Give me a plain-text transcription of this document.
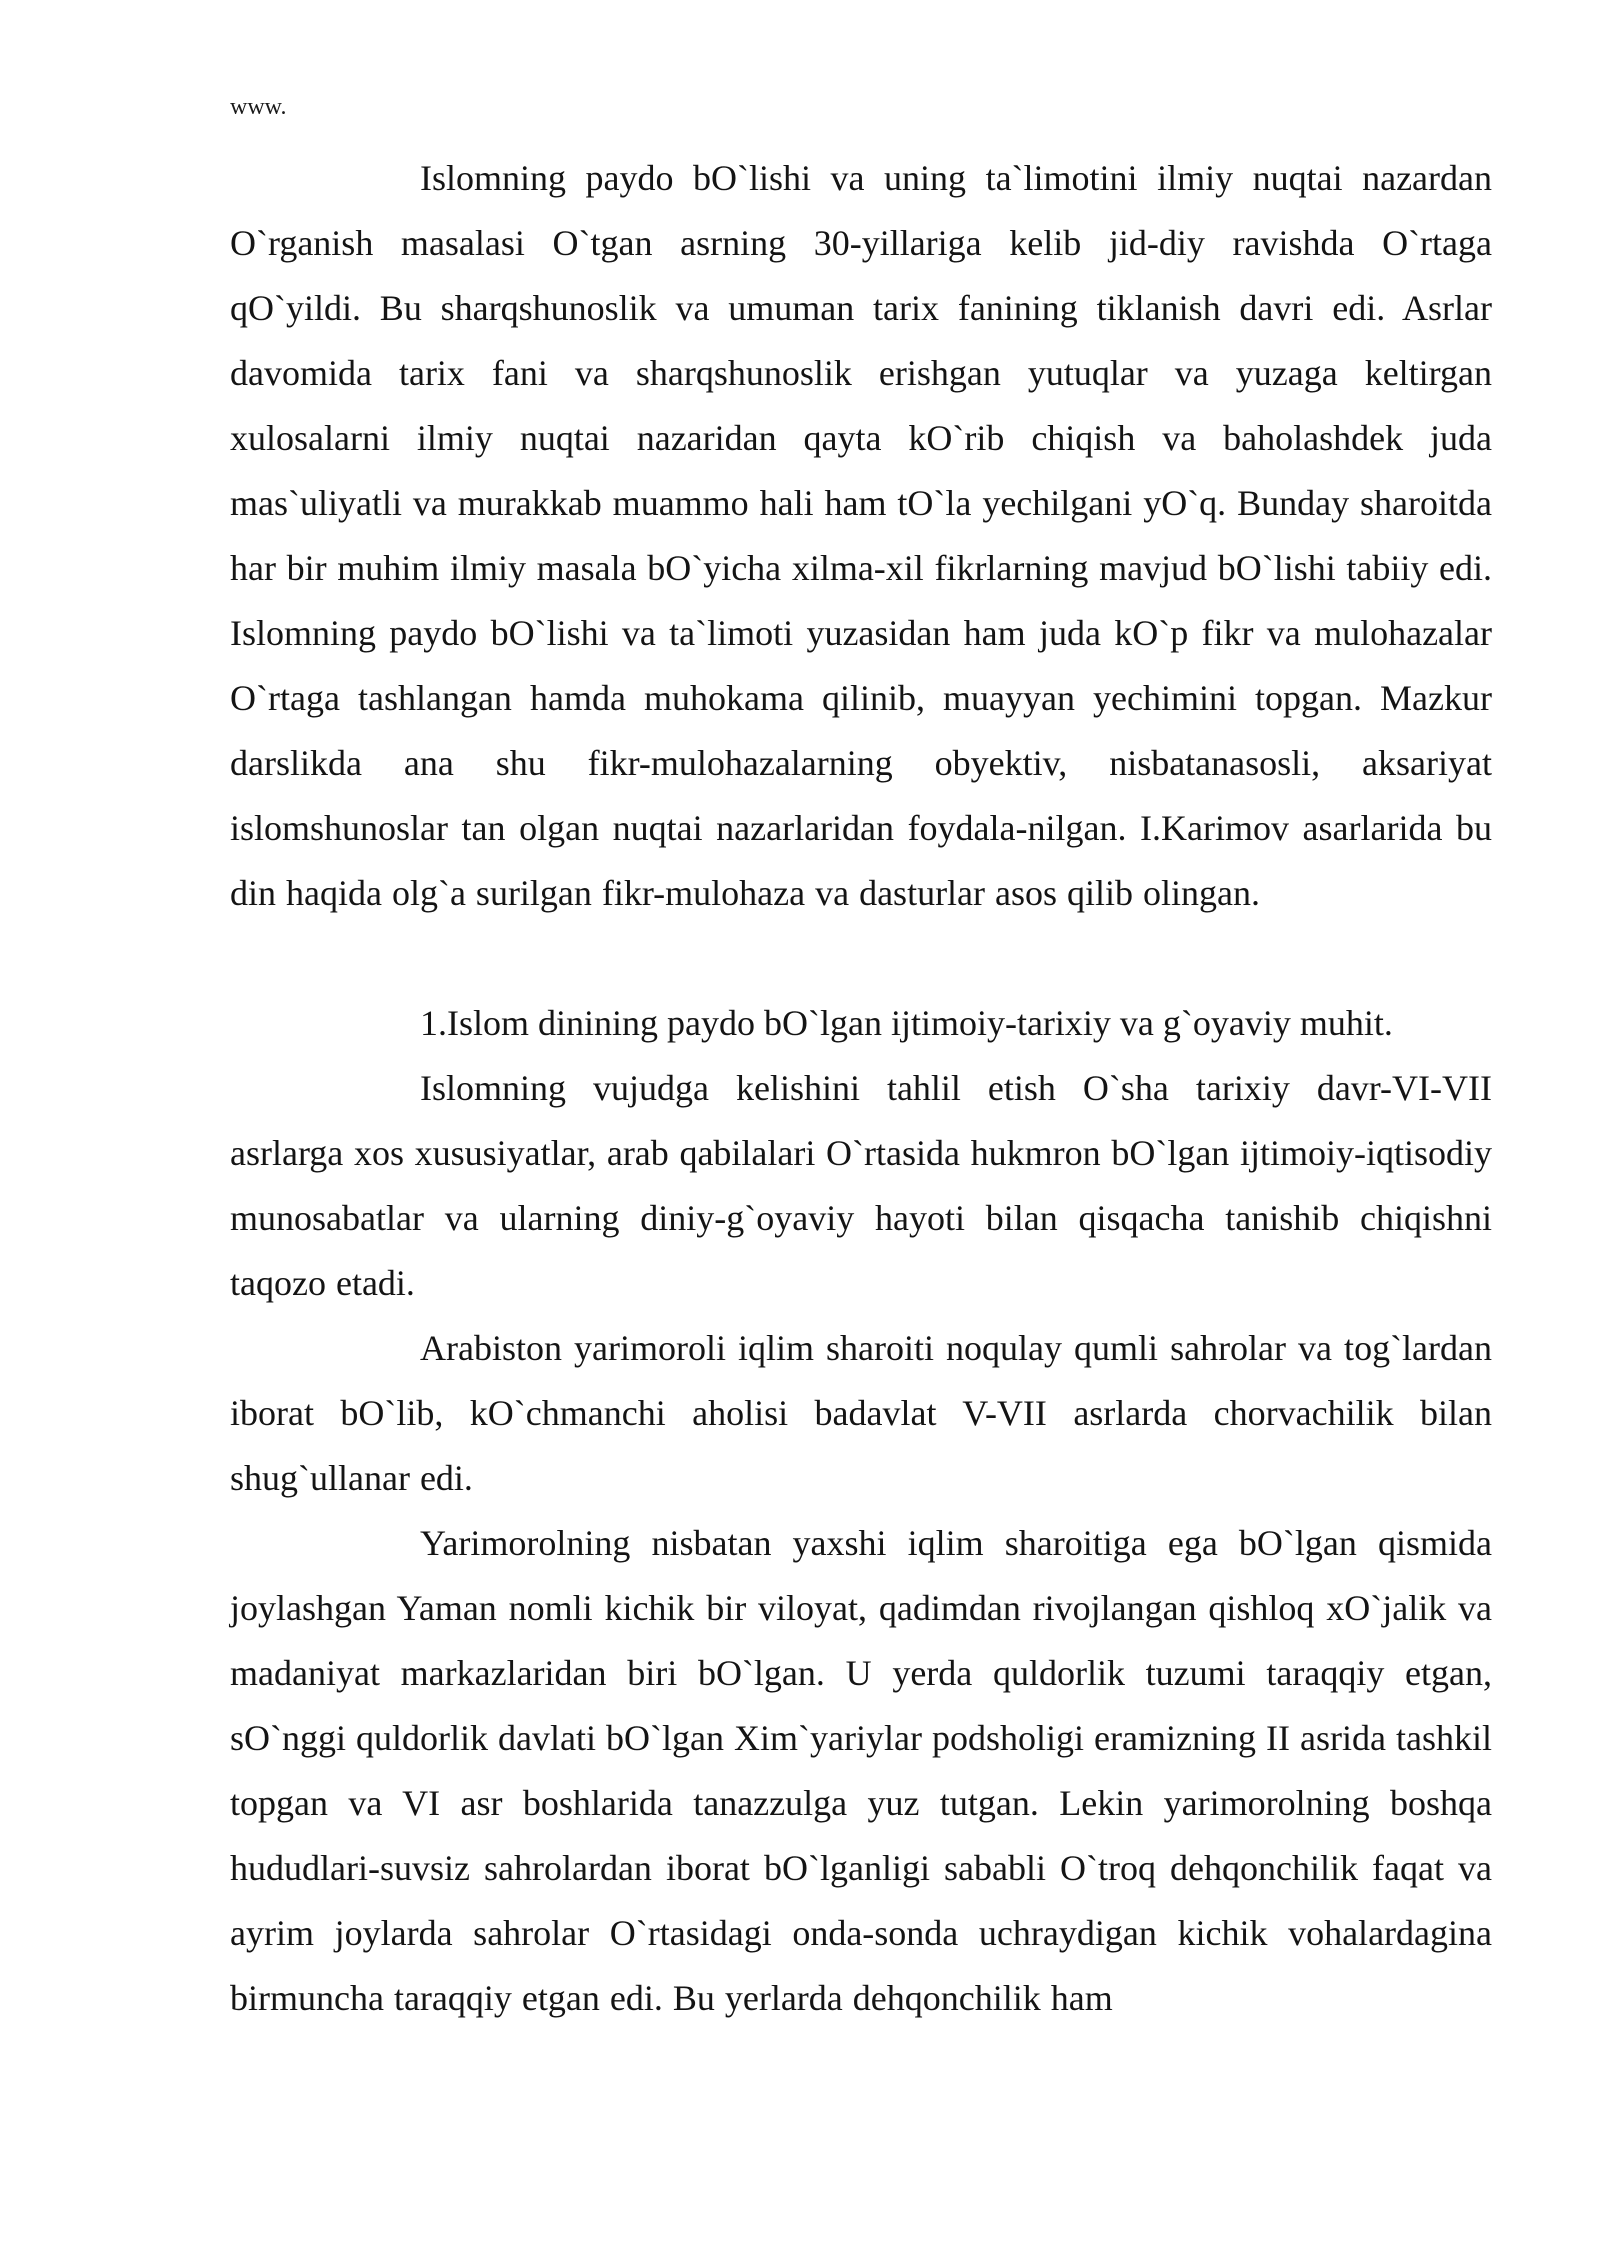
www.

Islomning paydo bO`lishi va uning ta`limotini ilmiy nuqtai nazardan O`rganish masalasi O`tgan asrning 30-yillariga kelib jid-diy ravishda O`rtaga qO`yildi. Bu sharqshunoslik va umuman tarix fanining tiklanish davri edi. Asrlar davomida tarix fani va sharqshunoslik erishgan yutuqlar va yuzaga keltirgan xulosalarni ilmiy nuqtai nazaridan qayta kO`rib chiqish va baholashdek juda mas`uliyatli va murakkab muammo hali ham tO`la yechilgani yO`q. Bunday sharoitda har bir muhim ilmiy masala bO`yicha xilma-xil fikrlarning mavjud bO`lishi tabiiy edi. Islomning paydo bO`lishi va ta`limoti yuzasidan ham juda kO`p fikr va mulohazalar O`rtaga tashlangan hamda muhokama qilinib, muayyan yechimini topgan. Mazkur darslikda ana shu fikr-mulohazalarning obyektiv, nisbatanasosli, aksariyat islomshunoslar tan olgan nuqtai nazarlaridan foydala-nilgan. I.Karimov asarlarida bu din haqida olg`a surilgan fikr-mulohaza va dasturlar asos qilib olingan.

1.Islom dinining paydo bO`lgan ijtimoiy-tarixiy va g`oyaviy muhit.

Islomning vujudga kelishini tahlil etish O`sha tarixiy davr-VI-VII asrlarga xos xususiyatlar, arab qabilalari O`rtasida hukmron bO`lgan ijtimoiy-iqtisodiy munosabatlar va ularning diniy-g`oyaviy hayoti bilan qisqacha tanishib chiqishni taqozo etadi.

Arabiston yarimoroli iqlim sharoiti noqulay qumli sahrolar va tog`lardan iborat bO`lib, kO`chmanchi aholisi badavlat V-VII asrlarda chorvachilik bilan shug`ullanar edi.

Yarimorolning nisbatan yaxshi iqlim sharoitiga ega bO`lgan qismida joylashgan Yaman nomli kichik bir viloyat, qadimdan rivojlangan qishloq xO`jalik va madaniyat markazlaridan biri bO`lgan. U yerda quldorlik tuzumi taraqqiy etgan, sO`nggi quldorlik davlati bO`lgan Xim`yariylar podsholigi eramizning II asrida tashkil topgan va VI asr boshlarida tanazzulga yuz tutgan. Lekin yarimorolning boshqa hududlari-suvsiz sahrolardan iborat bO`lganligi sababli O`troq dehqonchilik faqat va ayrim joylarda sahrolar O`rtasidagi onda-sonda uchraydigan kichik vohalardagina birmuncha taraqqiy etgan edi. Bu yerlarda dehqonchilik ham
